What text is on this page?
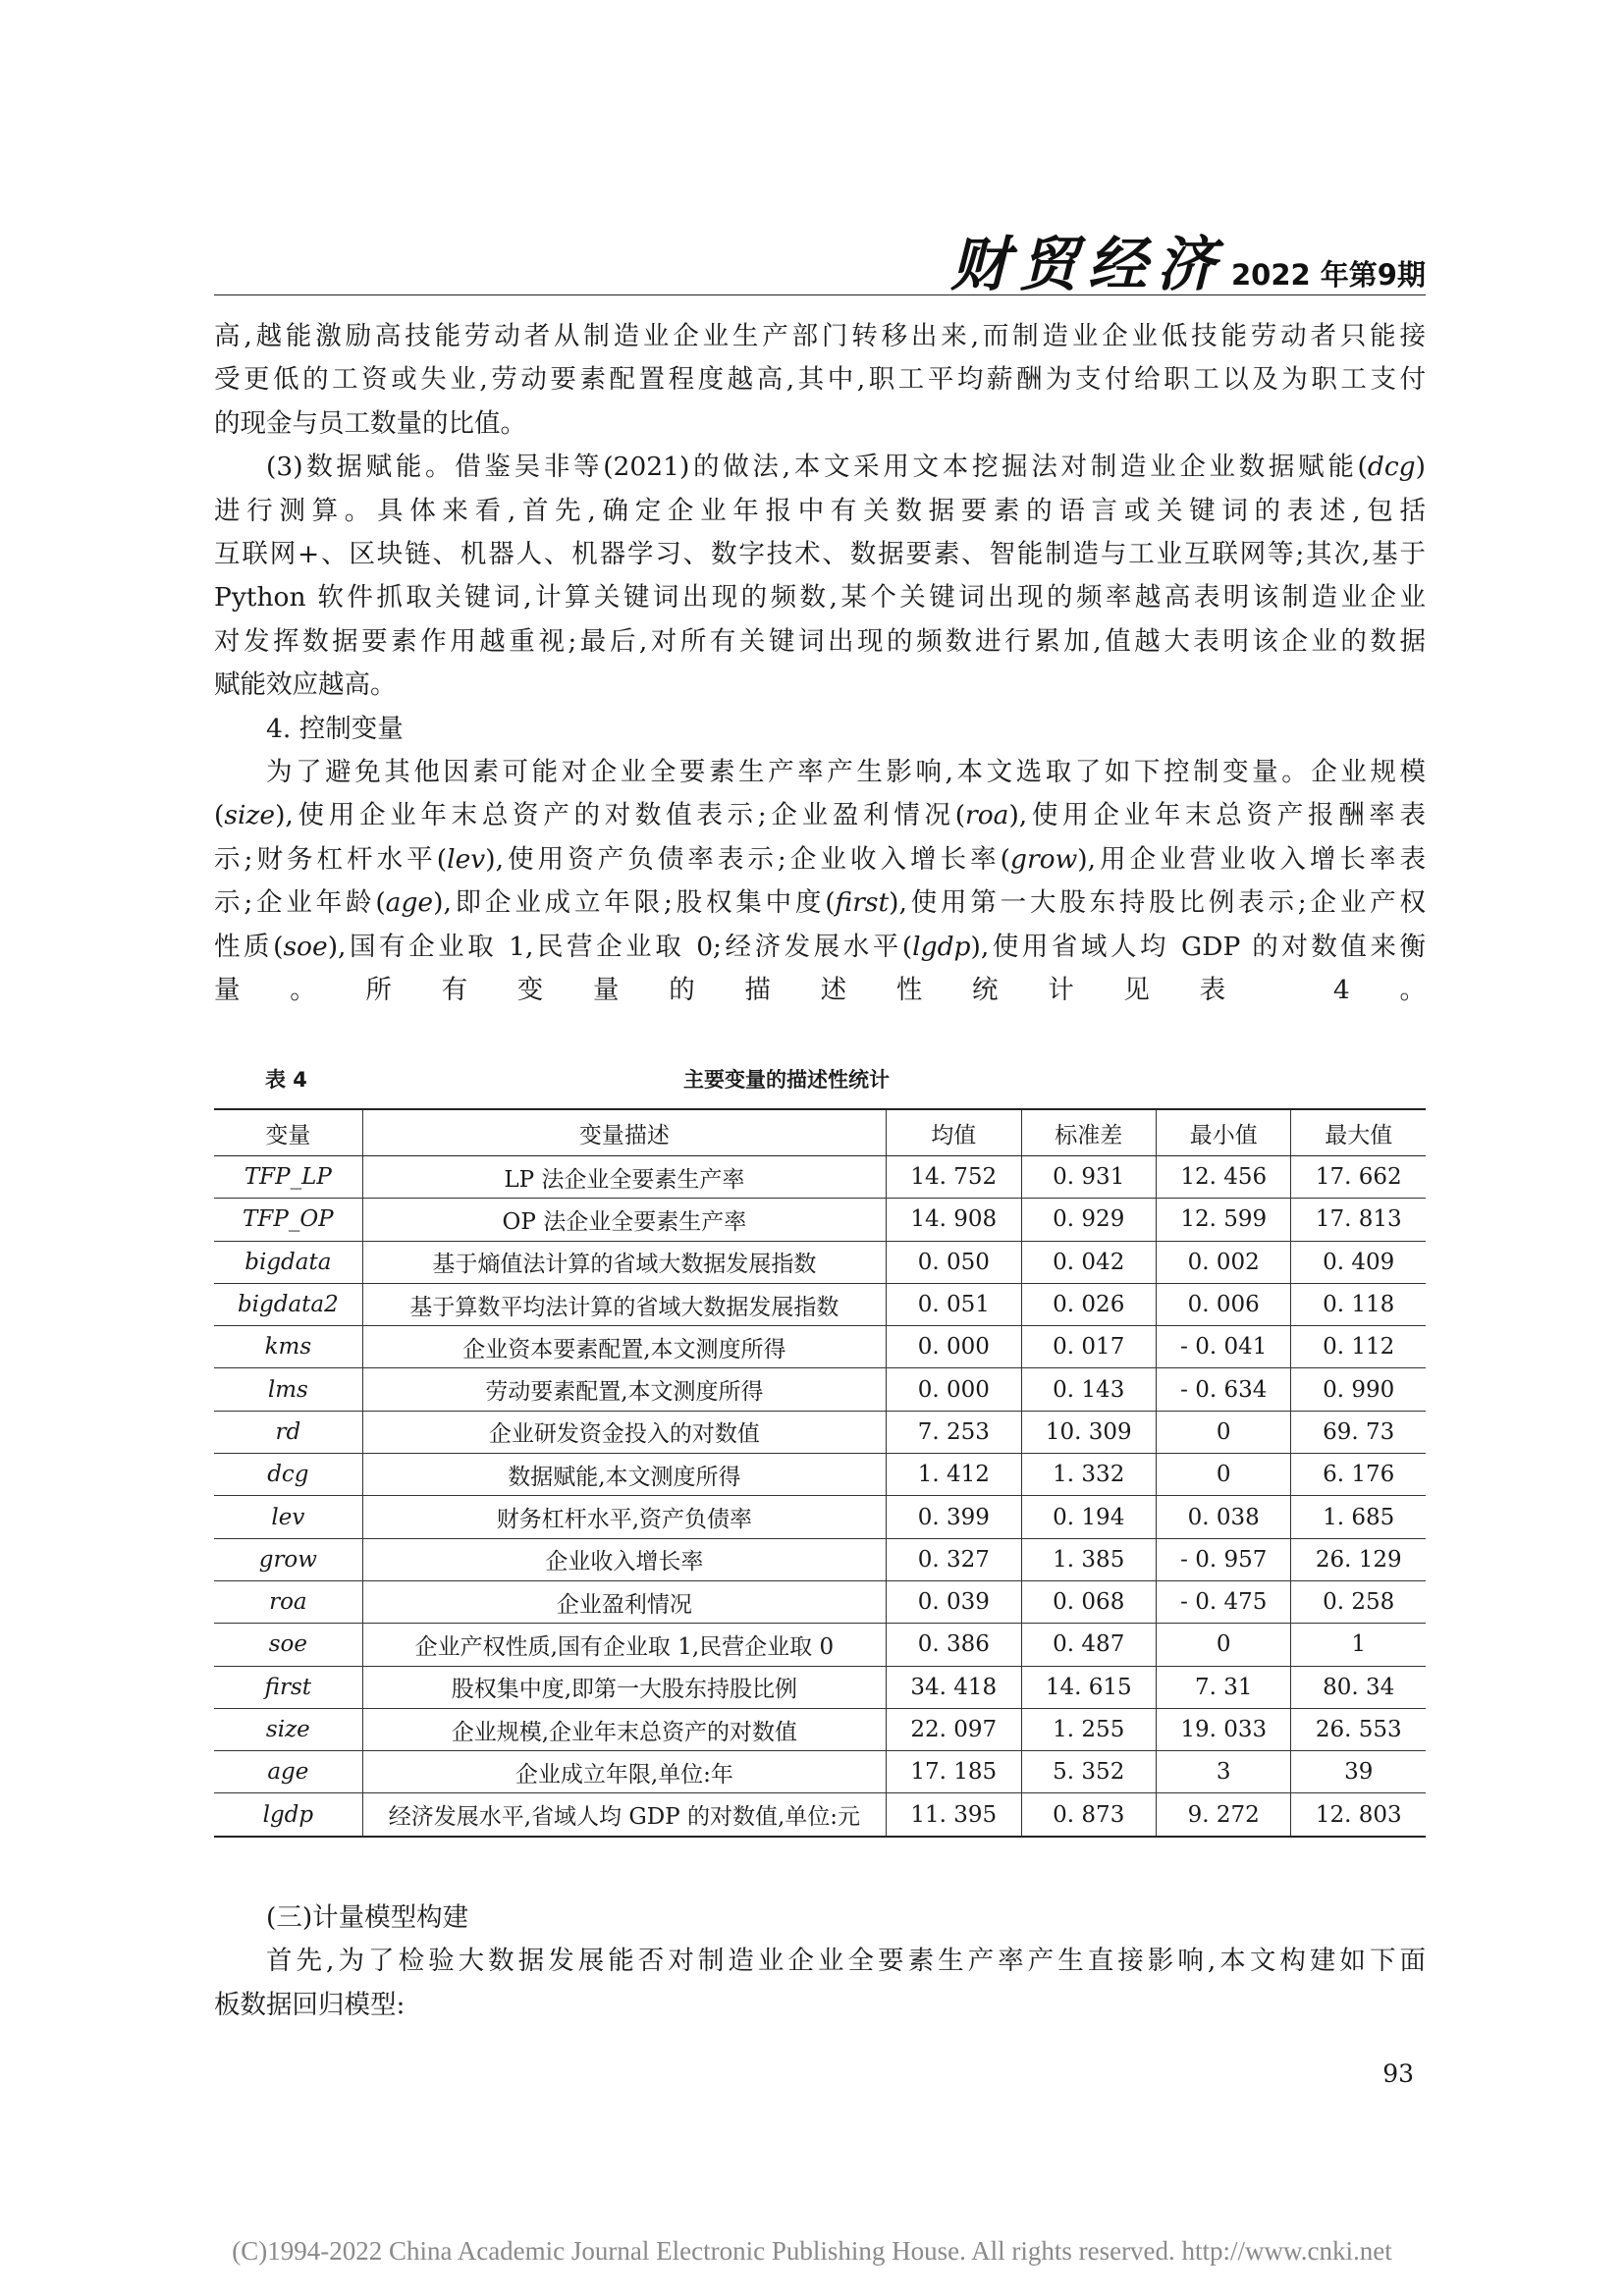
财贸经济 2022 年第9期

高,越能激励高技能劳动者从制造业企业生产部门转移出来,而制造业企业低技能劳动者只能接
受更低的工资或失业,劳动要素配置程度越高,其中,职工平均薪酬为支付给职工以及为职工支付
的现金与员工数量的比值。

(3)数据赋能。借鉴吴非等(2021)的做法,本文采用文本挖掘法对制造业企业数据赋能(dcg)
进行测算。具体来看,首先,确定企业年报中有关数据要素的语言或关键词的表述,包括
互联网+、区块链、机器人、机器学习、数字技术、数据要素、智能制造与工业互联网等;其次,基于
Python 软件抓取关键词,计算关键词出现的频数,某个关键词出现的频率越高表明该制造业企业
对发挥数据要素作用越重视;最后,对所有关键词出现的频数进行累加,值越大表明该企业的数据
赋能效应越高。

4. 控制变量

为了避免其他因素可能对企业全要素生产率产生影响,本文选取了如下控制变量。企业规模
(size),使用企业年末总资产的对数值表示;企业盈利情况(roa),使用企业年末总资产报酬率表
示;财务杠杆水平(lev),使用资产负债率表示;企业收入增长率(grow),用企业营业收入增长率表
示;企业年龄(age),即企业成立年限;股权集中度(first),使用第一大股东持股比例表示;企业产权
性质(soe),国有企业取 1,民营企业取 0;经济发展水平(lgdp),使用省域人均 GDP 的对数值来衡
量。所有变量的描述性统计见表 4。

表 4	主要变量的描述性统计
变量	变量描述	均值	标准差	最小值	最大值
TFP_LP	LP 法企业全要素生产率	14. 752	0. 931	12. 456	17. 662
TFP_OP	OP 法企业全要素生产率	14. 908	0. 929	12. 599	17. 813
bigdata	基于熵值法计算的省域大数据发展指数	0. 050	0. 042	0. 002	0. 409
bigdata2	基于算数平均法计算的省域大数据发展指数	0. 051	0. 026	0. 006	0. 118
kms	企业资本要素配置,本文测度所得	0. 000	0. 017	- 0. 041	0. 112
lms	劳动要素配置,本文测度所得	0. 000	0. 143	- 0. 634	0. 990
rd	企业研发资金投入的对数值	7. 253	10. 309	0	69. 73
dcg	数据赋能,本文测度所得	1. 412	1. 332	0	6. 176
lev	财务杠杆水平,资产负债率	0. 399	0. 194	0. 038	1. 685
grow	企业收入增长率	0. 327	1. 385	- 0. 957	26. 129
roa	企业盈利情况	0. 039	0. 068	- 0. 475	0. 258
soe	企业产权性质,国有企业取 1,民营企业取 0	0. 386	0. 487	0	1
first	股权集中度,即第一大股东持股比例	34. 418	14. 615	7. 31	80. 34
size	企业规模,企业年末总资产的对数值	22. 097	1. 255	19. 033	26. 553
age	企业成立年限,单位:年	17. 185	5. 352	3	39
lgdp	经济发展水平,省域人均 GDP 的对数值,单位:元	11. 395	0. 873	9. 272	12. 803

(三)计量模型构建

首先,为了检验大数据发展能否对制造业企业全要素生产率产生直接影响,本文构建如下面
板数据回归模型:

93
(C)1994-2022 China Academic Journal Electronic Publishing House. All rights reserved. http://www.cnki.net
